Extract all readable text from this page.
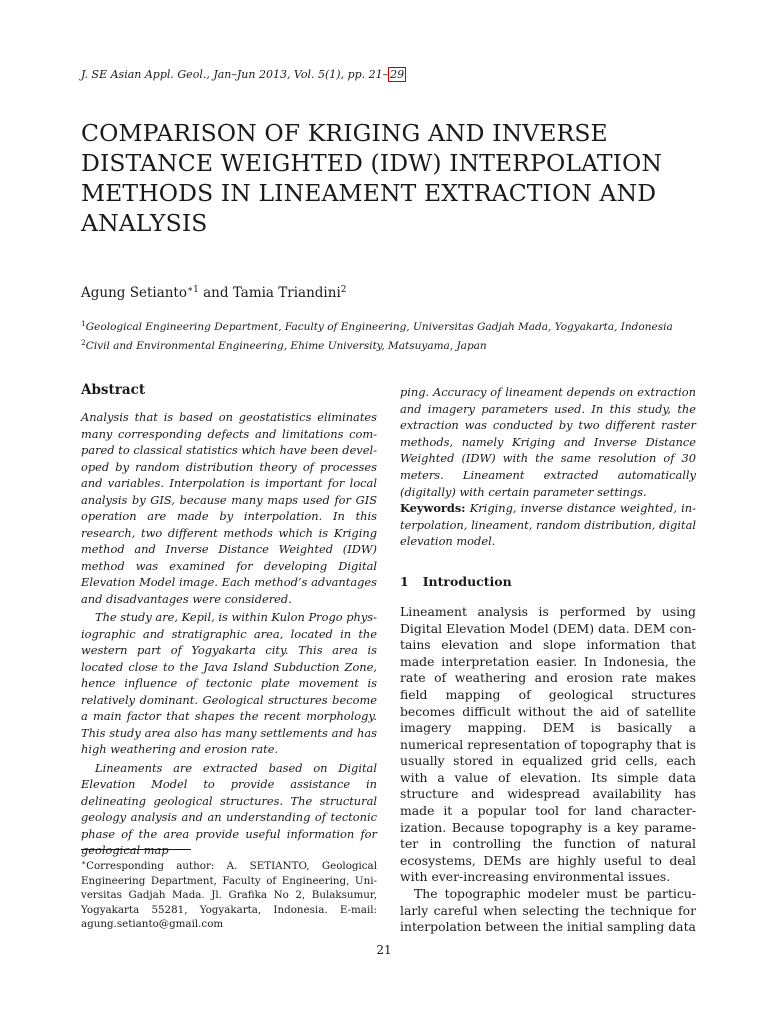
J. SE Asian Appl. Geol., Jan–Jun 2013, Vol. 5(1), pp. 21– 29
COMPARISON OF KRIGING AND INVERSE DISTANCE WEIGHTED (IDW) INTERPOLATION METHODS IN LINEAMENT EXTRACTION AND ANALYSIS
Agung Setianto$^{∗1}$ and Tamia Triandini$^2$
$^1$Geological Engineering Department, Faculty of Engineering, Universitas Gadjah Mada, Yogyakarta, Indonesia
$^2$Civil and Environmental Engineering, Ehime University, Matsuyama, Japan
Abstract

Analysis that is based on geostatistics eliminates many corresponding defects and limitations compared to classical statistics which have been developed by random distribution theory of processes and variables. Interpolation is important for local analysis by GIS, because many maps used for GIS operation are made by interpolation. In this research, two different methods which is Kriging method and Inverse Distance Weighted (IDW) method was examined for developing Digital Elevation Model image. Each method’s advantages and disadvantages were considered.

The study are, Kepil, is within Kulon Progo physiographic and stratigraphic area, located in the western part of Yogyakarta city. This area is located close to the Java Island Subduction Zone, hence influence of tectonic plate movement is relatively dominant. Geological structures become a main factor that shapes the recent morphology. This study area also has many settlements and has high weathering and erosion rate.

Lineaments are extracted based on Digital Elevation Model to provide assistance in delineating geological structures. The structural geology analysis and an understanding of tectonic phase of the area provide useful information for geological map

ping. Accuracy of lineament depends on extraction and imagery parameters used. In this study, the extraction was conducted by two different raster methods, namely Kriging and Inverse Distance Weighted (IDW) with the same resolution of 30 meters. Lineament extracted automatically (digitally) with certain parameter settings.

Keywords: Kriging, inverse distance weighted, interpolation, lineament, random distribution, digital elevation model.

1 Introduction

Lineament analysis is performed by using Digital Elevation Model (DEM) data. DEM contains elevation and slope information that made interpretation easier. In Indonesia, the rate of weathering and erosion rate makes field mapping of geological structures becomes difficult without the aid of satellite imagery mapping. DEM is basically a numerical representation of topography that is usually stored in equalized grid cells, each with a value of elevation. Its simple data structure and widespread availability has made it a popular tool for land characterization. Because topography is a key parameter in controlling the function of natural ecosystems, DEMs are highly useful to deal with ever-increasing environmental issues.

The topographic modeler must be particularly careful when selecting the technique for interpolation between the initial sampling data

∗Corresponding author: A. SETIANTO, Geological Engineering Department, Faculty of Engineering, Universitas Gadjah Mada. Jl. Grafika No 2, Bulaksumur, Yogyakarta 55281, Yogyakarta, Indonesia. E-mail: agung.setianto@gmail.com
21
